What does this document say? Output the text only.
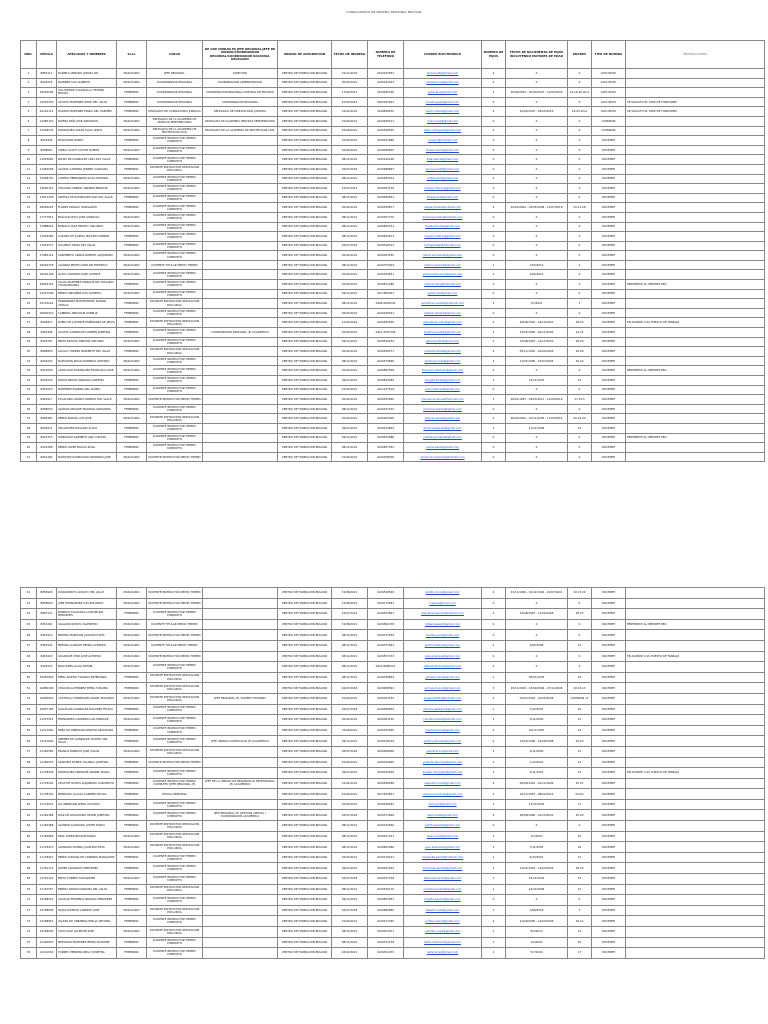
CONSOLIDADO DE NOMINA REGIONAL BOLIVAR
NRO.	CEDULA	APELLIDOS Y NOMBRES	Sexo	CARGO	DE QUE UNIDAD ES JEFE REGIONAL/JEFE DE UNIDAD/COORDINADOR REGIONAL/COORDINADOR NACIONAL DELEGADO	UNIDAD DE ADSCRIPCION	FECHA DE INGRESO	NUMERO DE TELEFONO	CORREO ELECTRONICO	NUMERO DE HIJOS	FECHA DE NACIMIENTO DE HIJOS INCLUYENDO MAYORES DE EDAD	EDADES	TIPO DE NOMINA	OBSERVACIONES
1	8882111	DANIELS URBANO JORGE LUIS	MASCULINO	JEFE REGIONAL	DIRECTOR	CENTRO DE FORMACION BOLIVAR	01/11/2002	4122023552	bolivar.jefe@gmail.com	2	0	0	ALTO NIVEL	
2	8922025	RAMIREZ LUIS ALBERTO	MASCULINO	COORDINADOR REGIONAL	COORDINACION ADMINISTRATIVA	CENTRO DE FORMACION BOLIVAR	30/03/2021	4126232023	ramirez.luis@gmail.com	0	0	0	ALTO NIVEL	
3	10025505	VILLAVERDE CALZADILLA YESENIA MIGUEL	FEMENINO	COORDINADOR REGIONAL	COORDINACION REGIONAL CONTROL DE ESTUDIO	CENTRO DE FORMACION BOLIVAR	17/02/2012	4129265790	yesenia.v@gmail.com	2	05/06/2004 - 30/03/2007 - 31/05/2009	12-16-18 años	ALTO NIVEL	
4	12025252	ACOSTA MARTINEZ GEGE DEL VALLE	FEMENINO	COORDINADOR REGIONAL	COORDINACION REGIONAL	CENTRO DE FORMACION BOLIVAR	21/03/2014	4165235091	acosta.gege@gmail.com	0	0	0	ALTO NIVEL	SE SOLICITO EL CESE DE FUNCIONES
5	16192112	OSORIO MARTINEZ MARIA DEL CARMEN	FEMENINO	DELEGADO DE CONSULTORIA JURIDICA	DELEGADO DE CONSULTORIA JURIDICA	CENTRO DE FORMACION BOLIVAR	01/01/2021	4148836070	osorio.maria@gmail.com	2	25/02/2003 - 03/05/2016	16-05 años	ALTO NIVEL	SE SOLICITO EL CESE DE FUNCIONES
6	11685101	RIVERO PIÑA JOSE GREGORIO	MASCULINO	DELEGADO DE LA ACADEMIA DE SERVICIO PENITENCIARIO	DELEGADO DE ACADEMIA SERVICIO PENITENCIARIO	CENTRO DE FORMACION BOLIVAR	01/02/2021	4122456271	rivero.jose@gmail.com	0	0	0	COMISION	
7	21028235	RODRIGUEZ AVILES ISAAC JESUS	MASCULINO	DELEGADO DE LA ACADEMIA DE PROTECCION CIVIL	DELEGADO DE LA ACADEMIA DE PROTECCION CIVIL	CENTRO DE FORMACION BOLIVAR	01/08/2021	4126328520	isaac.rodriguez@gmail.com	0	0	0	COMISION	
8	8018345	MOSQUERA NOREY	FEMENINO	DOCENTE INSTRUCTOR TIEMPO COMPLETO		CENTRO DE FORMACION BOLIVAR	01/02/2021	4126341685	noreym@hotmail.com	0	0	0	DOCENTE	
9	8588061	VISBAL SCOTT VICTOR RAMON	MASCULINO	DOCENTE INSTRUCTOR TIEMPO COMPLETO		CENTRO DE FORMACION BOLIVAR	02/02/2021	4128028625	visbal.victor@gmail.com	0	0	0	DOCENTE	
10	11053665	PALMA DE GONZALEZ LIDIA DEL VALLE	FEMENINO	DOCENTE INSTRUCTOR TIEMPO COMPLETO		CENTRO DE FORMACION BOLIVAR	08/11/2021	4145192190	lidia.palma@gmail.com	0	0	0	DOCENTE	
11	11062548	ACOSTA CARRERA JENNNY CAROLINA	FEMENINO	DOCENTE INSTRUCTOR DEDICACION EXCLUSIVA		CENTRO DE FORMACION BOLIVAR	02/07/2018	4126688897	jenny.acosta@gmail.com	0	0	0	DOCENTE	
12	13058730	CORTEZ HERNANDEZ JULIO ANTONIO	MASCULINO	DOCENTE INSTRUCTOR TIEMPO COMPLETO		CENTRO DE FORMACION BOLIVAR	08/11/2021	4126582414	cortez.julio@gmail.com	0	0	0	DOCENTE	
13	13500351	CHACON LARREAL ANDRES ENRIQUE	MASCULINO	DOCENTE INSTRUCTOR TIEMPO COMPLETO		CENTRO DE FORMACION BOLIVAR	22/07/2014	4126307578	andres.chacon@gmail.com	0	0	0	DOCENTE	
14	13871228	ORTEGA DE RODRIGUEZ ANA DEL VALLE	FEMENINO	DOCENTE INSTRUCTOR TIEMPO COMPLETO		CENTRO DE FORMACION BOLIVAR	08/11/2021	4126630831	ortega.ana@gmail.com	0	0	0	DOCENTE	
15	16062025	FLORES MADGLY MARGARITA	FEMENINO	DOCENTE INSTRUCTOR TIEMPO COMPLETO		CENTRO DE FORMACION BOLIVAR	02/02/2021	4126258877	magaly.flores@hotmail.com	2	04/03/2004 - 20/05/2008 - 15/07/2018	20-11-08	DOCENTE	
16	17777851	BOLIVAR CELIS JOSE GONZALO	MASCULINO	DOCENTE INSTRUCTOR TIEMPO COMPLETO		CENTRO DE FORMACION BOLIVAR	08/11/2021	4126307770	bolivar.gonzalo@hotmail.com	0	0	0	DOCENTE	
17	17888610	BONILLO DIAZ FREDDY ORLANDO	MASCULINO	DOCENTE INSTRUCTOR TIEMPO COMPLETO		CENTRO DE FORMACION BOLIVAR	08/11/2021	4126830741	freddy.bonillo@gmail.com	0	0	0	DOCENTE	
18	17919380	LOZANO DE GARCIA MAYLEN CARMEN	FEMENINO	DOCENTE INSTRUCTOR TIEMPO COMPLETO		CENTRO DE FORMACION BOLIVAR	08/11/2021	4126654213	maylen.lozano@gmail.com	0	0	0	DOCENTE	
19	17919577	GUAREQL TRINA DEL VALLE	FEMENINO	DOCENTE INSTRUCTOR TIEMPO COMPLETO		CENTRO DE FORMACION BOLIVAR	02/07/2018	4126518312	trinaguareql@hotmail.com	0	0	0	DOCENTE	
20	17985114	SARMIENTO ARMAS ROBERT ALEJANDRO	MASCULINO	DOCENTE INSTRUCTOR TIEMPO COMPLETO		CENTRO DE FORMACION BOLIVAR	02/02/2021	4126302185	robert.sarmiento@gmail.com	0	0	0	DOCENTE	
21	18092478	ALVAREZ PRIETO MARLON FEDERICO	MASCULINO	DOCENTE TITULAR MEDIO TIEMPO		CENTRO DE FORMACION BOLIVAR	08/11/2021	4126375003	marlon.alvarez@gmail.com	1	1/03/2019	2	DOCENTE	
22	18202128	OLIVO CORDERO JOSE VICENTE	MASCULINO	DOCENTE INSTRUCTOR TIEMPO COMPLETO		CENTRO DE FORMACION BOLIVAR	02/02/2021	4126303831	josevicente.olivo@gmail.com	1	1/02/2012	9	DOCENTE	
23	20893124	ULLOA MARTINEZ MARILUZ DEL ROSARIO CHAQUINQUIRA	FEMENINO	DOCENTE INSTRUCTOR TIEMPO COMPLETO		CENTRO DE FORMACION BOLIVAR	02/02/2021	4126871485	mariluz.ulloa@hotmail.com	0	0	0	DOCENTE	PERTENECE AL DEPORTE PRO
24	21227596	PEREZ ORDUÑEZ LUIS ALFREDO	MASCULINO	DOCENTE INSTRUCTOR TIEMPO COMPLETO		CENTRO DE FORMACION BOLIVAR	09/11/2021	4127850907	perez.luis@gmail.com	0	0	0	DOCENTE	
25	14176022	HERNANDEZ MONTEVERDE ISAMAR VIDALIA	FEMENINO	DOCENTE INSTRUCTOR DEDICACION EXCLUSIVA		CENTRO DE FORMACION BOLIVAR	08/11/2021	0285-2620030	isamarhernandez@hotmail.com	1	7/2/2021	1	DOCENTE	
26	18605931	CABRERA ABRAHAM LISBELIZ	FEMENINO	DOCENTE INSTRUCTOR TIEMPO COMPLETO		CENTRO DE FORMACION BOLIVAR	02/02/2021	4126328031	lisbeliz.cabrera@gmail.com	0	0	0	DOCENTE	
27	9902827	RUBIO DE LAFONTE ESPERANZA DE JESUS	FEMENINO	DOCENTE INSTRUCTOR DEDICACION EXCLUSIVA		CENTRO DE FORMACION BOLIVAR	12/02/2019	4126483526	esperanza.rubio@gmail.com	2	29/06/1992 - 18/10/1997	28-23	DOCENTE	EN ACORDE A SU PUESTO DE TRABAJO
28	9981498	ACOSTA GONZALEZ CARMEN JOSEFINA	FEMENINO	DOCENTE INSTRUCTOR TIEMPO COMPLETO	COORDINADOR REGIONAL (E) ACADEMICO	CENTRO DE FORMACION BOLIVAR	02/02/2021	0414-3957328	josefina.acosta@gmail.com	2	23/07/1996 - 02/11/2000	24-21	DOCENTE	
29	8905797	PINTO BATISTA GERSON ANTONIO	MASCULINO	DOCENTE INSTRUCTOR TIEMPO COMPLETO		CENTRO DE FORMACION BOLIVAR	09/11/2021	4126520150	gersonpinto@gmail.com	3	13/06/1993 - 21/11/2001	28-20	DOCENTE	
30	8868850	ALCALA TORRES NORIBETH DEL VALLE	FEMENINO	DOCENTE INSTRUCTOR DEDICACION EXCLUSIVA		CENTRO DE FORMACION BOLIVAR	02/02/2021	4126638371	noribeth.alcala@gmail.com	2	05/11/1992 - 01/09/1993	29-28	DOCENTE	
31	8901003	NAPOLEON RIVAS DOMINGO ANTONIO	MASCULINO	DOCENTE INSTRUCTOR TIEMPO COMPLETO		CENTRO DE FORMACION BOLIVAR	08/11/2021	4126579890	domingo.rivas@gmail.com	3	11/07/1996 - 15/07/2005	25-16	DOCENTE	
32	8919528	ALZOLIVAR RODRIGUEZ FRANCISCO JOSE	MASCULINO	DOCENTE INSTRUCTOR TIEMPO COMPLETO		CENTRO DE FORMACION BOLIVAR	02/02/2021	4126897558	francisco.alzolivar@gmail.com	0	0	0	DOCENTE	PERTENECE AL DEPORTE PRO
33	8930539	FARIAS BRAVO MARGIRA JOSEFINA	FEMENINO	DOCENTE INSTRUCTOR TIEMPO COMPLETO		CENTRO DE FORMACION BOLIVAR	09/11/2021	4126833489	margira.farias@gmail.com	1	12/11/1997	24	DOCENTE	
34	8951023	MARTINEZ PARRAN ANA ISABEL	FEMENINO	DOCENTE INSTRUCTOR TIEMPO COMPLETO		CENTRO DE FORMACION BOLIVAR	01/02/2021	4121127516	ana.martinez@gmail.com	0	0	0	DOCENTE	
35	8981617	ECCALONA OSORIO MANUEL DEL VALLE	MASCULINO	DOCENTE INSTRUCTOR MEDIO TIEMPO		CENTRO DE FORMACION BOLIVAR	02/02/2021	4126393440	manuel.eccalona@hotmail.com	3	09/01/1987 - 29/03/2011 - 12/05/2016	17-15-5	DOCENTE	
36	8988030	AVARIAS DEGODE MARIANA GREGORIO	FEMENINO	DOCENTE INSTRUCTOR TIEMPO COMPLETO		CENTRO DE FORMACION BOLIVAR	08/11/2021	4126337015	mariana.avarias@gmail.com	0	0	0	DOCENTE	
37	8986381	PEREZ ZAPATA LUIS JOSE	MASCULINO	DOCENTE INSTRUCTOR DEDICACION EXCLUSIVA		CENTRO DE FORMACION BOLIVAR	02/02/2021	4126302900	luisjose.perez@gmail.com	2	26/01/2001 - 01/11/2005 - 17/05/2012	20-16-09	DOCENTE	
38	8990221	VELAZQUEZ ROSARIO ALICIA	FEMENINO	DOCENTE INSTRUCTOR TIEMPO COMPLETO		CENTRO DE FORMACION BOLIVAR	09/11/2021	4126514829	alicia.velazquez@gmail.com	1	11/12/1999	22	DOCENTE	
39	8991715	GONZALEZ GOENECH ANA YURITZA	FEMENINO	DOCENTE INSTRUCTOR TIEMPO COMPLETO		CENTRO DE FORMACION BOLIVAR	09/11/2021	4126674986	yuritza.gonzalez@gmail.com	0	0	0	DOCENTE	PERTENECE AL DEPORTE PRO
40	8991288	PEREZ LOPEZ NULVIA ROSA	FEMENINO	DOCENTE INSTRUCTOR TIEMPO COMPLETO		CENTRO DE FORMACION BOLIVAR	08/11/2021	4126857032	nulvia.perez@gmail.com	0	0	0	DOCENTE	
41	8991282	MARQUEZ RODRIGUEZ ARMANDO JOSE	MASCULINO	DOCENTE INSTRUCTOR MEDIO TIEMPO		CENTRO DE FORMACION BOLIVAR	01/04/2021	4126308538	armando.marquez@hotmail.com	0	0	0	DOCENTE	
42	8858926	DURAN BRITO ADOLFO DEL VALLE	MASCULINO	DOCENTE INSTRUCTOR MEDIO TIEMPO		CENTRO DE FORMACION BOLIVAR	31/08/2021	4126518548	adolfo.duran@gmail.com	4	01/11/1990 - 01/12/1994 - 20/07/2001	32-27-20	DOCENTE	
43	8858020	JURE HERNANDEZ LUIS EDUARDO	MASCULINO	DOCENTE INSTRUCTOR MEDIO TIEMPO		CENTRO DE FORMACION BOLIVAR	31/08/2021	4126175891	luisjure@gmail.com	0	0	0	DOCENTE	
44	8887121	BARRIOS CALZADILLA MIGUELINA MERCEDES	FEMENINO	DOCENTE INSTRUCTOR TIEMPO COMPLETO		CENTRO DE FORMACION BOLIVAR	22/07/2014	4126612897	miguelina.barrios@hotmail.com	3	14/08/1993 - 11/06/1998	28-23	DOCENTE	
45	8951291	SALAZAR RAFAEL VALENTINO	MASCULINO	DOCENTE TITULAR MEDIO TIEMPO		CENTRO DE FORMACION BOLIVAR	31/08/2021	4126820728	rafael.salazar@gmail.com	0	0	0	DOCENTE	PERTENECE AL DEPORTE PRO
46	8952510	MEDINA MARCHAN JUAN BAUTISTA	MASCULINO	DOCENTE INSTRUCTOR MEDIO TIEMPO		CENTRO DE FORMACION BOLIVAR	08/11/2021	4126727839	medina.juan@gmail.com	0	0	0	DOCENTE	
47	8962522	MEDINA GUARATE PEDRO ALFREDO	MASCULINO	DOCENTE TITULAR MEDIO TIEMPO		CENTRO DE FORMACION BOLIVAR	08/11/2021	4126751645	pedro.medina@gmail.com	2	3/02/1998	23	DOCENTE	
48	9818229	GUARIQUE VERA JOSE ALFREDO	MASCULINO	DOCENTE INSTRUCTOR MEDIO TIEMPO		CENTRO DE FORMACION BOLIVAR	08/11/2021	4126557153	jose.guarique@gmail.com	0	0	0	DOCENTE	EN ACORDE A SU PUESTO DE TRABAJO
49	9902521	BOLIVARES ALAYA RAFAEL	MASCULINO	DOCENTE INSTRUCTOR TIEMPO COMPLETO		CENTRO DE FORMACION BOLIVAR	08/11/2021	0414-8985210	rafael.bolivares@gmail.com	0	0	0	DOCENTE	
50	10281826	RIERA RIVERO YSMARIA ESPERANZA	FEMENINO	DOCENTE INSTRUCTOR DEDICACION EXCLUSIVA		CENTRO DE FORMACION BOLIVAR	08/11/2021	4126328659	ysmaria.riera@gmail.com	1	05/01/2005	16	DOCENTE	
51	10880326	CHACON GUTIERREZ EMMA YURAIMA	FEMENINO	DOCENTE INSTRUCTOR DEDICACION EXCLUSIVA		CENTRO DE FORMACION BOLIVAR	02/07/2018	4126958592	emma.chacon@gmail.com	3	15/11/2003 - 13/09/2006 - 27/11/2008	18-15-13	DOCENTE	
52	10690622	CASTRILLO TORREALBA ANGEL EDUARDO	MASCULINO	DOCENTE INSTRUCTOR DEDICACION EXCLUSIVA	JEFE REGIONAL (E) TALENTO HUMANO	CENTRO DE FORMACION BOLIVAR	01/04/2021	4126301155	angelcastrillo@hotmail.com	2	05/07/2004 - 01/05/2008	COMISION 13	DOCENTE	
53	10857784	GALLEGOS GONZALEZ DOLORES FELICIA	FEMENINO	DOCENTE INSTRUCTOR TIEMPO COMPLETO		CENTRO DE FORMACION BOLIVAR	02/07/2018	4126658830	dolores.gallegos@gmail.com	1	7/12/2001	20	DOCENTE	
54	11207521	FERNANDEZ CARREÑO LUIS ENRIQUE	MASCULINO	DOCENTE INSTRUCTOR TIEMPO COMPLETO		CENTRO DE FORMACION BOLIVAR	02/02/2021	4126302120	luis.fernandez@hotmail.com	1	3/11/2000	21	DOCENTE	
55	11217060	PEÑA DE OBREGON MARITZA MIGUELINA	FEMENINO	DOCENTE INSTRUCTOR TIEMPO COMPLETO		CENTRO DE FORMACION BOLIVAR	31/08/2021	4126331005	maritza.pena@gmail.com	2	10/17/1997	24	DOCENTE	
56	11147602	JIMENEZ DE GONZALEZ YELHINY DEL VALLE	FEMENINO	DOCENTE INSTRUCTOR TIEMPO COMPLETO	JEFE UNIDAD CURRICULAR (E) ACADEMICO	CENTRO DE FORMACION BOLIVAR	09/11/2021	4126318749	yelhiny.jimenez@gmail.com	2	13/03/1996 - 16/08/1998	25-23	DOCENTE	
57	11180582	FRANCO BARRIOS JOSE JULIAN	MASCULINO	DOCENTE INSTRUCTOR DEDICACION EXCLUSIVA		CENTRO DE FORMACION BOLIVAR	02/07/2018	4126568956	julianfranco@gmail.com	1	1/11/2000	21	DOCENTE	
58	11180023	SANCHEZ NUÑEZ YOLANDA JOSEFINA	FEMENINO	DOCENTE INSTRUCTOR MEDIO TIEMPO		CENTRO DE FORMACION BOLIVAR	01/02/2021	4126010690	yolanda.sanchez@gmail.com	1	7/12/2001	21	DOCENTE	
59	11178206	RODRIGUEZ ANDRADE ANABEL MARIA	FEMENINO	DOCENTE INSTRUCTOR TIEMPO COMPLETO		CENTRO DE FORMACION BOLIVAR	09/11/2021	4126325028	anabel.rodriguez@gmail.com	1	9/11/1997	24	DOCENTE	EN ACORDE A SU PUESTO DE TRABAJO
60	11178202	CELIS DE OLMOS ALEJANDRA COROMOTO	FEMENINO	DOCENTE INSTRUCTOR TIEMPO COMPLETO (JEFE REGIONAL (E)	JEFE DE LA UNIDAD DE DESARROLLO PROFESIONAL (E) ACADEMICO	CENTRO DE FORMACION BOLIVAR	01/04/2021	4126598028	alejandra.celis@gmail.com	2	08/09/1994 - 10/12/1999	25-21	DOCENTE	
61	11178302	MENDOZA ALCALA CARMEN CECILIA	FEMENINO	OFICIAL PRINCIPAL		CENTRO DE FORMACION BOLIVAR	10/02/2021	4127623837	carmen.mendoza@gmail.com	3	10/11/1987 - 08/02/2012	34-9m	DOCENTE	
62	11179031	GIL OBREGON SHINA VICTORIA	FEMENINO	DOCENTE INSTRUCTOR TIEMPO COMPLETO		CENTRO DE FORMACION BOLIVAR	02/02/2021	4126328181	shina.gil@gmail.com	1	13/12/2004	17	DOCENTE	
63	11182388	DIAZ DE LEGUIZAMO HELEN JOSEFINA	FEMENINO	DOCENTE INSTRUCTOR TIEMPO COMPLETO	JEFE REGIONAL (E) GESTION VIRTUAL / COORDINACION ACADEMICA	CENTRO DE FORMACION BOLIVAR	02/07/2018	4126371828	helen.diaz@gmail.com	2	28/08/1996 - 01/12/2001	25-20	DOCENTE	
64	11182988	ALVAREZ ALVARADO JUDITH MARIA	FEMENINO	DOCENTE INSTRUCTOR DEDICACION EXCLUSIVA		CENTRO DE FORMACION BOLIVAR	08/11/2021	4126332560	judith.alvarez@gmail.com	0	0	0	DOCENTE	
65	11184889	REAL LOPEZ NELSON MARIA	MASCULINO	DOCENTE INSTRUCTOR DEDICACION EXCLUSIVA		CENTRO DE FORMACION BOLIVAR	08/11/2021	4126527011	nelson.real@gmail.com	1	1/1/2002	20	DOCENTE	
66	11178970	ALVARADO RIVERO JUAN BAUTISTA	MASCULINO	DOCENTE INSTRUCTOR DEDICACION EXCLUSIVA		CENTRO DE FORMACION BOLIVAR	08/11/2021	4126652080	juan.alvarado@gmail.com	1	7/11/2005	16	DOCENTE	
67	11178927	PEREZ CUMANA DE CARRERO MARGARITA	FEMENINO	DOCENTE INSTRUCTOR TIEMPO COMPLETO		CENTRO DE FORMACION BOLIVAR	02/02/2021	4126716411	margarita.perez@hotmail.com	1	6/13/2001	21	DOCENTE	
68	11752172	JAIMEZ ALVARADO MERCEDES	FEMENINO	DOCENTE INSTRUCTOR TIEMPO COMPLETO		CENTRO DE FORMACION BOLIVAR	09/11/2021	4126307622	mercedes.jaimez@gmail.com	2	12/01/1993 - 14/03/2005	28-16	DOCENTE	
69	11791122	PINTO TORRES ALEXANDER	MASCULINO	DOCENTE INSTRUCTOR TIEMPO COMPLETO		CENTRO DE FORMACION BOLIVAR	02/07/2018	4126337748	alexander.pinto@gmail.com	1	12/11/2002	19	DOCENTE	
70	11791557	PINEDA RAMOS MARIANA DEL VALLE	FEMENINO	DOCENTE INSTRUCTOR DEDICACION EXCLUSIVA		CENTRO DE FORMACION BOLIVAR	08/11/2021	4126520170	mariana.pineda@gmail.com	1	12/12/2006	15	DOCENTE	
71	12188021	AGUILAR FERRERAL BRIGIDA MERCEDES	FEMENINO	DOCENTE INSTRUCTOR TIEMPO COMPLETO		CENTRO DE FORMACION BOLIVAR	09/11/2021	4126851957	brigida.aguilar@gmail.com	0	0	0	DOCENTE	
72	12188838	ROJAS RIVEROS ALBERTO JOSE	MASCULINO	DOCENTE INSTRUCTOR DEDICACION EXCLUSIVA		CENTRO DE FORMACION BOLIVAR	02/07/2018	4126660885	alberto.rojas@gmail.com	1	1/08/2018	3	DOCENTE	
73	12188951	VALERA DE URBANEJA EMILIA ANTONIA	FEMENINO	DOCENTE INSTRUCTOR TIEMPO COMPLETO		CENTRO DE FORMACION BOLIVAR	01/02/2021	4126271395	emilia.valera@gmail.com	2	21/09/2005 - 12/04/2009	16-12	DOCENTE	
74	12189002	COVA DIAZ VALENTIN JOSE	MASCULINO	DOCENTE INSTRUCTOR DEDICACION EXCLUSIVA		CENTRO DE FORMACION BOLIVAR	08/11/2021	4126301871	valentin.cova@gmail.com	1	8/2/2010	12	DOCENTE	
75	12190851	MEDRANO MARTINEZ BERTA MARLENE	FEMENINO	DOCENTE INSTRUCTOR TIEMPO COMPLETO		CENTRO DE FORMACION BOLIVAR	08/11/2021	4126311138	berta.medrano@gmail.com	1	1/2/2002	20	DOCENTE	
76	12191052	TORRES HERRERA NELLY JOSEFINA	FEMENINO	DOCENTE INSTRUCTOR TIEMPO COMPLETO		CENTRO DE FORMACION BOLIVAR	02/02/2021	4126301155	nelly.torres@gmail.com	1	5/7/2004	17	DOCENTE	
